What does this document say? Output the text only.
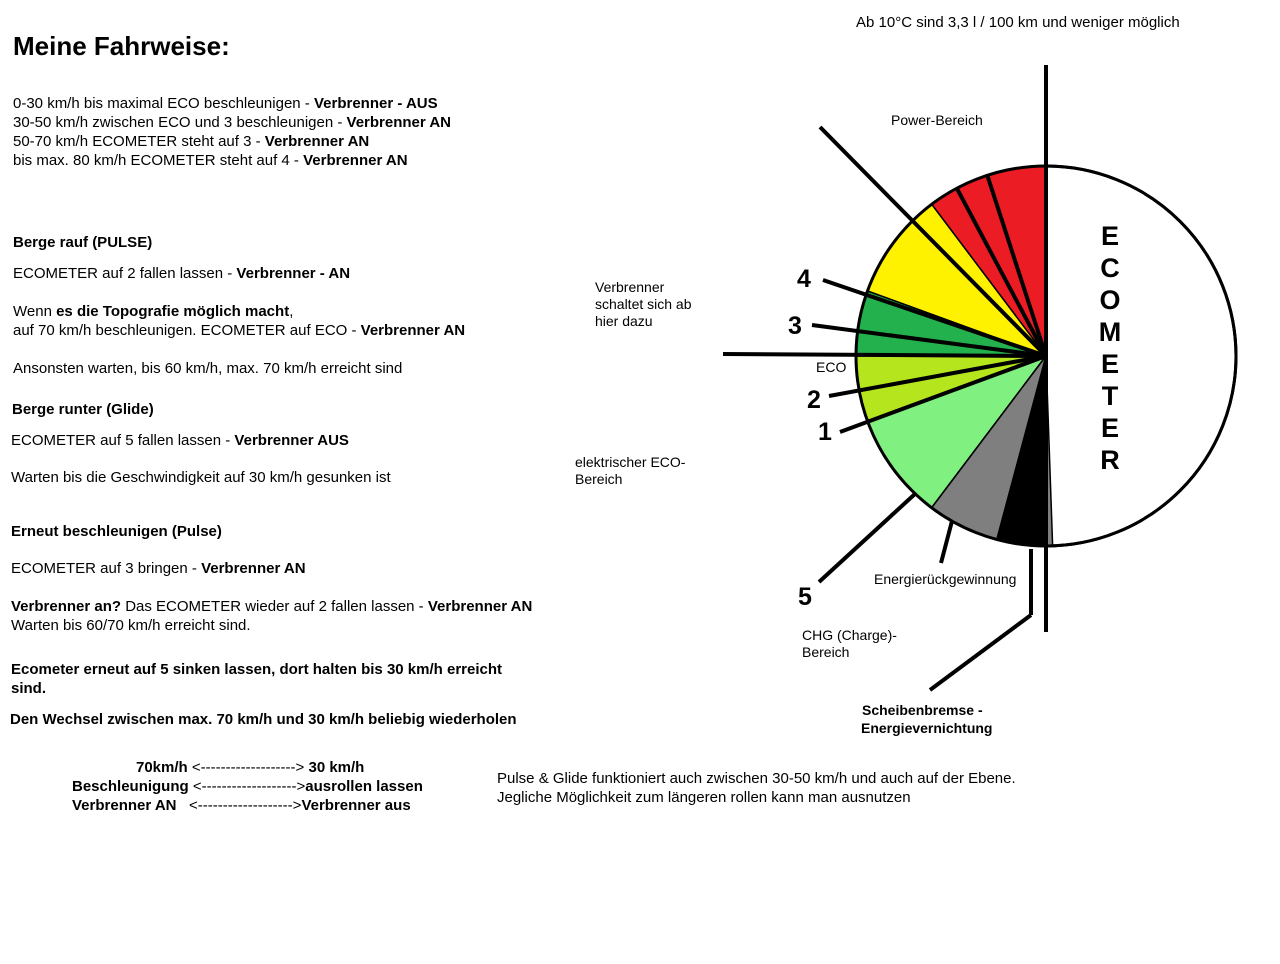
Meine Fahrweise:
Ab 10°C sind 3,3 l / 100 km und weniger möglich
0-30 km/h bis maximal ECO beschleunigen - Verbrenner - AUS
30-50 km/h zwischen ECO und 3 beschleunigen - Verbrenner AN
50-70 km/h ECOMETER steht auf 3 - Verbrenner AN
bis max. 80 km/h ECOMETER steht auf 4 - Verbrenner AN
Berge rauf (PULSE)
ECOMETER auf 2 fallen lassen - Verbrenner - AN
Wenn es die Topografie möglich macht,
auf 70 km/h beschleunigen. ECOMETER auf ECO - Verbrenner AN
Ansonsten warten, bis 60 km/h, max. 70 km/h erreicht sind
Berge runter (Glide)
ECOMETER auf 5 fallen lassen - Verbrenner AUS
Warten bis die Geschwindigkeit auf 30 km/h gesunken ist
Erneut beschleunigen (Pulse)
ECOMETER auf 3 bringen - Verbrenner AN
Verbrenner an? Das ECOMETER wieder auf 2 fallen lassen - Verbrenner AN
Warten bis 60/70 km/h erreicht sind.
Ecometer erneut auf 5 sinken lassen, dort halten bis 30 km/h erreicht
sind.
Den Wechsel zwischen max. 70 km/h und 30 km/h beliebig wiederholen
70km/h <-------------------> 30 km/h
Beschleunigung <------------------->ausrollen lassen
Verbrenner AN <------------------->Verbrenner aus
Pulse & Glide funktioniert auch zwischen 30-50 km/h und auch auf der Ebene.
Jegliche Möglichkeit zum längeren rollen kann man ausnutzen
Power-Bereich
Verbrenner
schaltet sich ab
hier dazu
ECO
elektrischer ECO-
Bereich
Energierückgewinnung
CHG (Charge)-
Bereich
Scheibenbremse -
Energievernichtung
4
3
2
1
5
E
C
O
M
E
T
E
R
